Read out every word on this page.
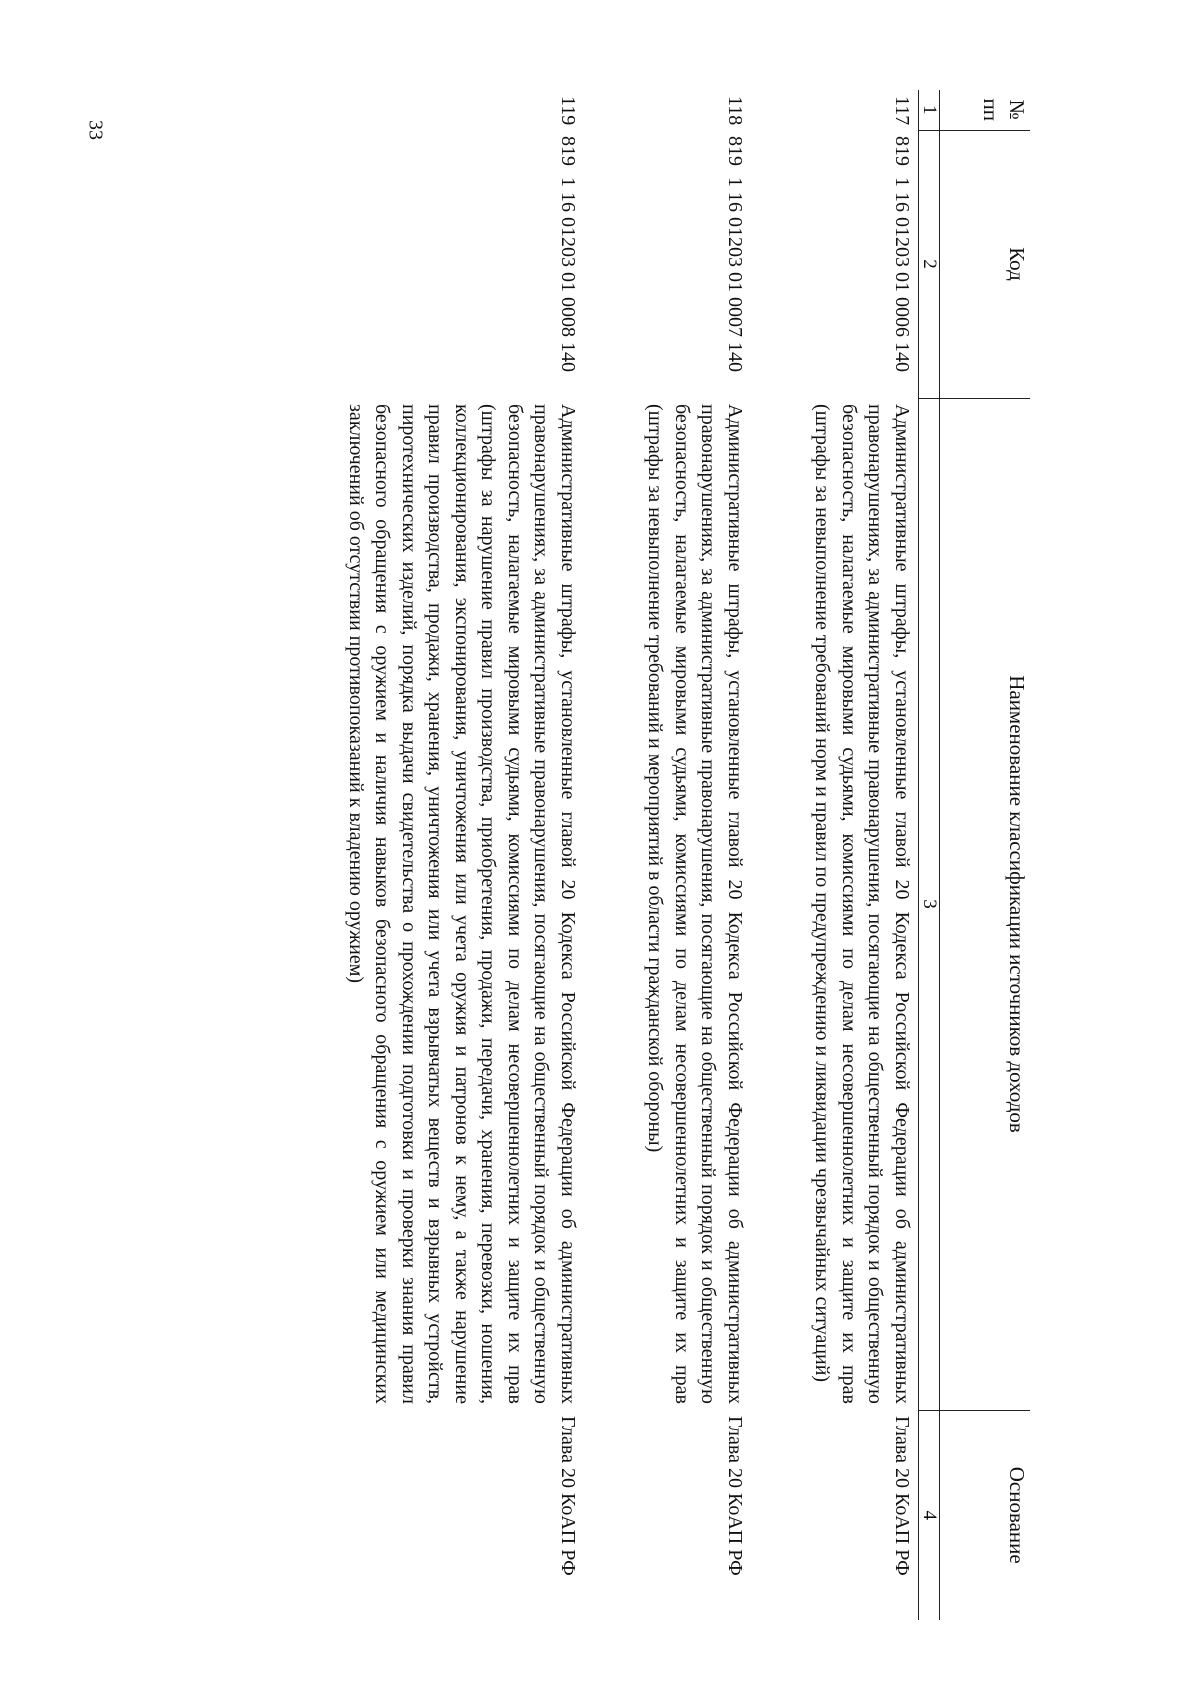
33
№
пп	Код	Наименование классификации источников доходов	Основание
1	2	3	4
117	819 1 16 01203 01 0006 140	Административные штрафы, установленные главой 20 Кодекса Российской Федерации об административных правонарушениях, за административные правонарушения, посягающие на общественный порядок и общественную безопасность, налагаемые мировыми судьями, комиссиями по делам несовершеннолетних и защите их прав (штрафы за невыполнение требований норм и правил по предупреждению и ликвидации чрезвычайных ситуаций)	Глава 20 КоАП РФ
118	819 1 16 01203 01 0007 140	Административные штрафы, установленные главой 20 Кодекса Российской Федерации об административных правонарушениях, за административные правонарушения, посягающие на общественный порядок и общественную безопасность, налагаемые мировыми судьями, комиссиями по делам несовершеннолетних и защите их прав (штрафы за невыполнение требований и мероприятий в области гражданской обороны)	Глава 20 КоАП РФ
119	819 1 16 01203 01 0008 140	Административные штрафы, установленные главой 20 Кодекса Российской Федерации об административных правонарушениях, за административные правонарушения, посягающие на общественный порядок и общественную безопасность, налагаемые мировыми судьями, комиссиями по делам несовершеннолетних и защите их прав (штрафы за нарушение правил производства, приобретения, продажи, передачи, хранения, перевозки, ношения, коллекционирования, экспонирования, уничтожения или учета оружия и патронов к нему, а также нарушение правил производства, продажи, хранения, уничтожения или учета взрывчатых веществ и взрывных устройств, пиротехнических изделий, порядка выдачи свидетельства о прохождении подготовки и проверки знания правил безопасного обращения с оружием и наличия навыков безопасного обращения с оружием или медицинских заключений об отсутствии противопоказаний к владению оружием)	Глава 20 КоАП РФ
